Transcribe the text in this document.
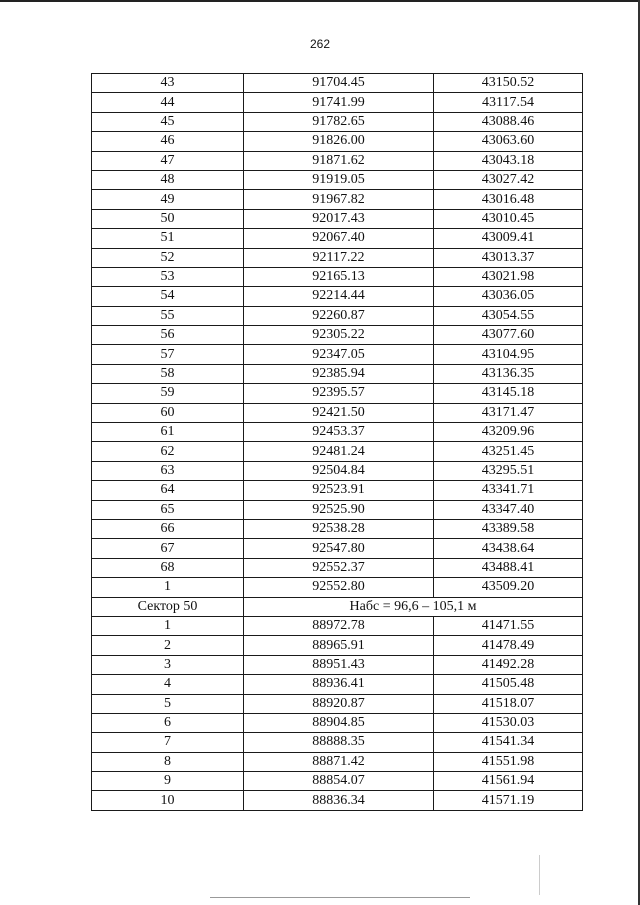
262
43	91704.45	43150.52
44	91741.99	43117.54
45	91782.65	43088.46
46	91826.00	43063.60
47	91871.62	43043.18
48	91919.05	43027.42
49	91967.82	43016.48
50	92017.43	43010.45
51	92067.40	43009.41
52	92117.22	43013.37
53	92165.13	43021.98
54	92214.44	43036.05
55	92260.87	43054.55
56	92305.22	43077.60
57	92347.05	43104.95
58	92385.94	43136.35
59	92395.57	43145.18
60	92421.50	43171.47
61	92453.37	43209.96
62	92481.24	43251.45
63	92504.84	43295.51
64	92523.91	43341.71
65	92525.90	43347.40
66	92538.28	43389.58
67	92547.80	43438.64
68	92552.37	43488.41
1	92552.80	43509.20
Сектор 50	Набс = 96,6 – 105,1 м	
1	88972.78	41471.55
2	88965.91	41478.49
3	88951.43	41492.28
4	88936.41	41505.48
5	88920.87	41518.07
6	88904.85	41530.03
7	88888.35	41541.34
8	88871.42	41551.98
9	88854.07	41561.94
10	88836.34	41571.19
